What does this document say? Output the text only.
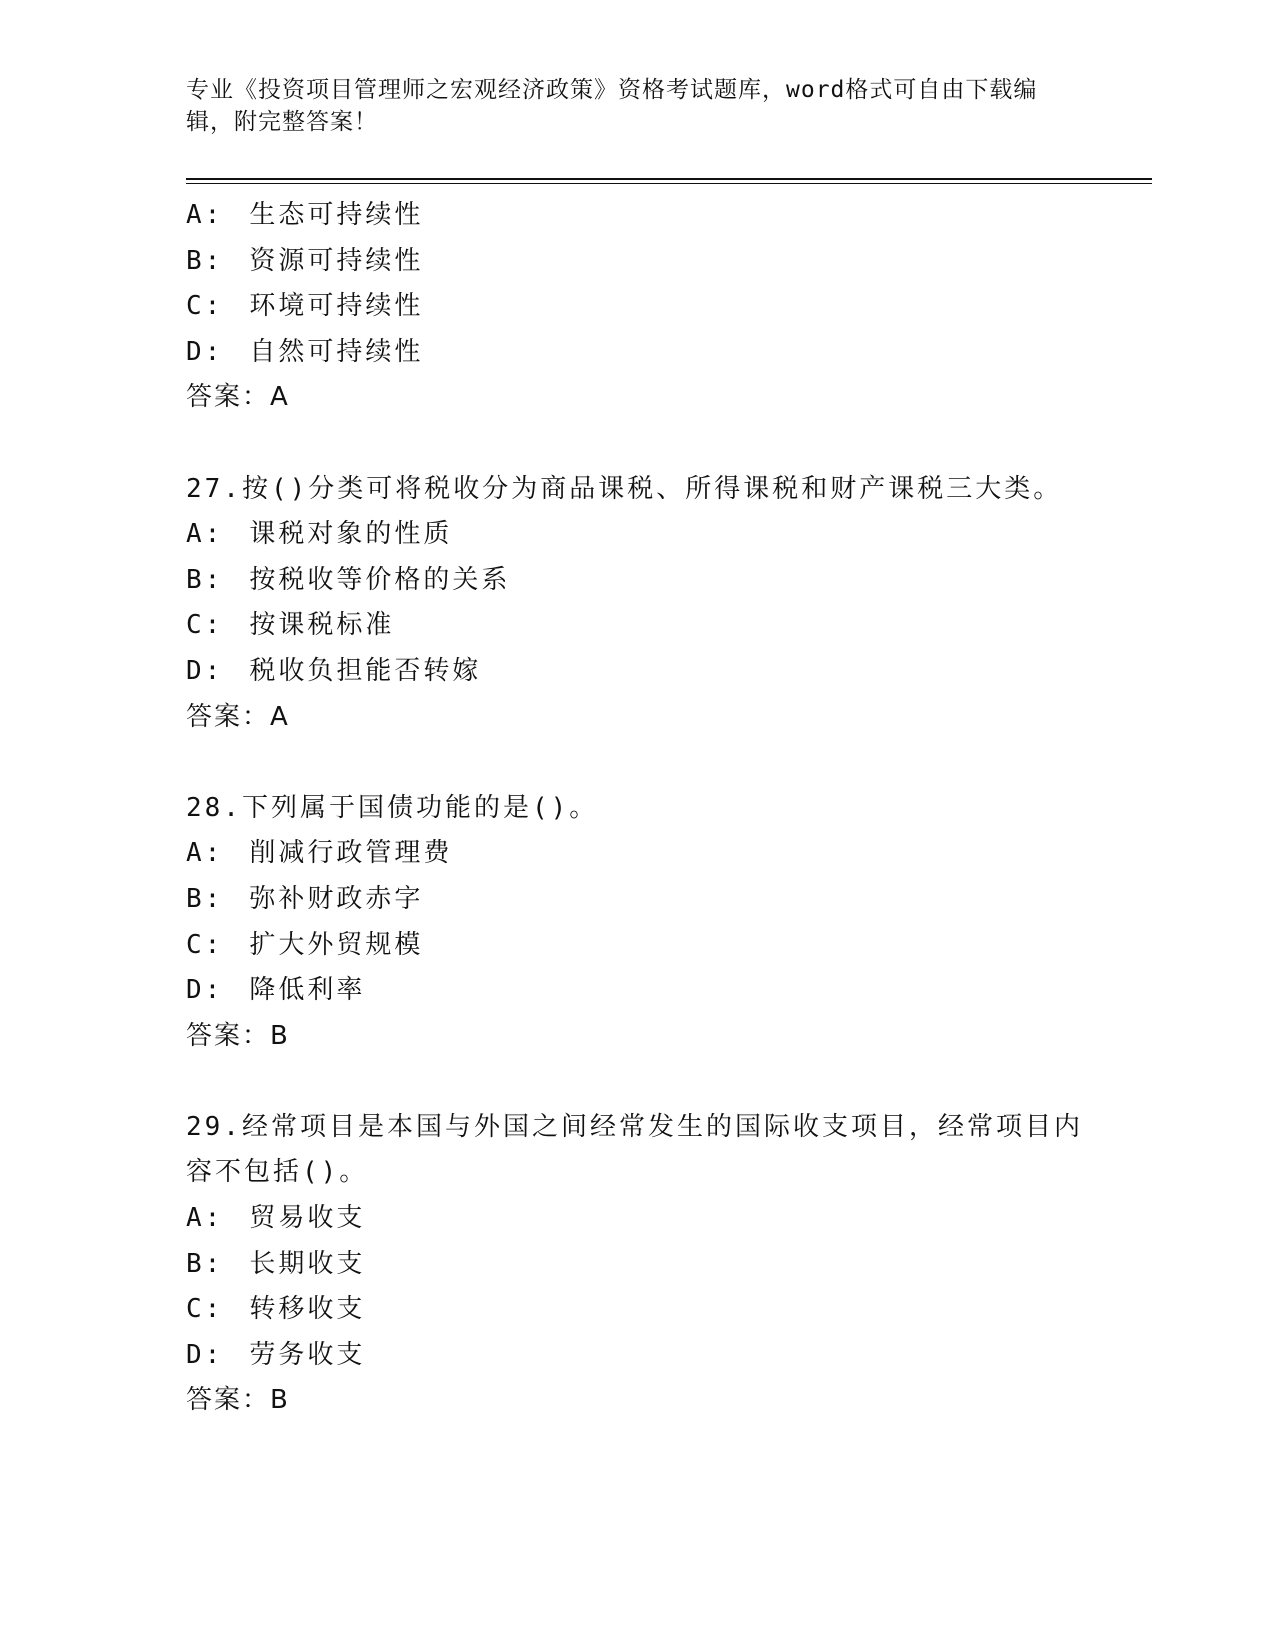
专业《投资项目管理师之宏观经济政策》资格考试题库，word格式可自由下载编
辑，附完整答案！

A: 生态可持续性
B: 资源可持续性
C: 环境可持续性
D: 自然可持续性
答案：A
27.按()分类可将税收分为商品课税、所得课税和财产课税三大类。
A: 课税对象的性质
B: 按税收等价格的关系
C: 按课税标准
D: 税收负担能否转嫁
答案：A
28.下列属于国债功能的是()。
A: 削减行政管理费
B: 弥补财政赤字
C: 扩大外贸规模
D: 降低利率
答案：B
29.经常项目是本国与外国之间经常发生的国际收支项目，经常项目内
容不包括()。
A: 贸易收支
B: 长期收支
C: 转移收支
D: 劳务收支
答案：B
